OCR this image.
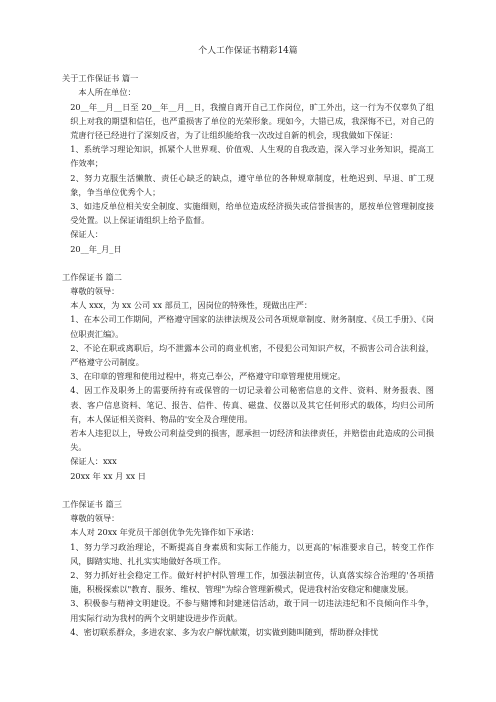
个人工作保证书精彩14篇

关于工作保证书 篇一

本人所在单位：

20__年__月__日至 20__年__月__日，我擅自离开自己工作岗位，旷工外出，这一行为不仅辜负了组织上对我的期望和信任，也严重损害了单位的光荣形象。现如今，大错已成，我深悔不已，对自己的荒唐行径已经进行了深刻反省，为了让组织能给我一次改过自新的机会，现我做如下保证：

1、系统学习理论知识，抓紧个人世界观、价值观、人生观的自我改造，深入学习业务知识，提高工作效率；

2、努力克服生活懒散、责任心缺乏的缺点，遵守单位的各种规章制度，杜绝迟到、早退、旷工现象，争当单位优秀个人；

3、如违反单位相关安全制度、实施细则，给单位造成经济损失或信誉损害的，愿按单位管理制度接受处置。以上保证请组织上给予监督。

保证人：

20__年_月_日

工作保证书 篇二

尊敬的领导：

本人 xxx，为 xx 公司 xx 部员工，因岗位的特殊性，现做出庄严：

1、在本公司工作期间，严格遵守国家的法律法规及公司各项规章制度、财务制度、《员工手册》、《岗位职责汇编》。

2、不论在职或离职后，均不泄露本公司的商业机密，不侵犯公司知识产权，不损害公司合法利益，严格遵守公司制度。

3、在印章的管理和使用过程中，将克己奉公，严格遵守印章管理使用规定。

4、因工作及职务上的需要所持有或保管的一切记录着公司秘密信息的文件、资料、财务报表、图表、客户信息资料、笔记、报告、信件、传真、磁盘、仪器以及其它任何形式的载体，均归公司所有，本人保证相关资料、物品的'安全及合理使用。

若本人违犯以上，导致公司利益受到的损害，愿承担一切经济和法律责任，并赔偿由此造成的公司损失。

保证人：xxx

20xx 年 xx 月 xx 日

工作保证书 篇三

尊敬的领导：

本人对 20xx 年党员干部创优争先先锋作如下承诺：

1、努力学习政治理论，不断提高自身素质和实际工作能力，以更高的'标准要求自己，转变工作作风，脚踏实地、扎扎实实地做好各项工作。

2、努力抓好社会稳定工作。做好村护村队管理工作，加强法制宣传，认真落实综合治理的'各项措施，积极探索以"教育、服务、维权、管理"为综合管理新模式，促进我村治安稳定和健康发展。

3、积极参与精神文明建设。不参与赌博和封建迷信活动，敢于同一切违法违纪和不良倾向作斗争，用实际行动为我村的两个文明建设进步作贡献。

4、密切联系群众，多进农家、多为农户解忧献策，切实做到随叫随到，帮助群众排忧
